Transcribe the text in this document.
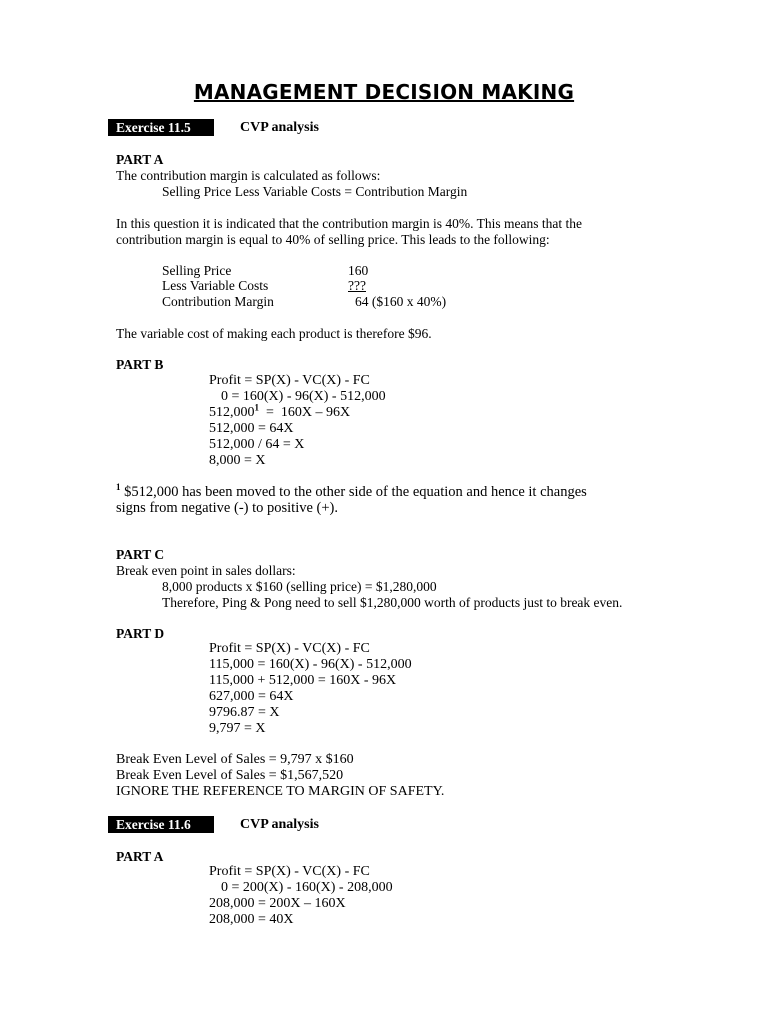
MANAGEMENT DECISION MAKING
Exercise 11.5	CVP analysis
PART A
The contribution margin is calculated as follows:
Selling Price Less Variable Costs = Contribution Margin
In this question it is indicated that the contribution margin is 40%. This means that the
contribution margin is equal to 40% of selling price. This leads to the following:
Selling Price	160
Less Variable Costs	???
Contribution Margin	64 ($160 x 40%)
The variable cost of making each product is therefore $96.
PART B
Profit = SP(X) - VC(X) - FC
0 = 160(X) - 96(X) - 512,000
512,000$^1$  =  160X – 96X
512,000 = 64X
512,000 / 64 = X
8,000 = X
$^1$ $512,000 has been moved to the other side of the equation and hence it changes
signs from negative (-) to positive (+).
PART C
Break even point in sales dollars:
8,000 products x $160 (selling price) = $1,280,000
Therefore, Ping & Pong need to sell $1,280,000 worth of products just to break even.
PART D
Profit = SP(X) - VC(X) - FC
115,000 = 160(X) - 96(X) - 512,000
115,000 + 512,000 = 160X - 96X
627,000 = 64X
9796.87 = X
9,797 = X
Break Even Level of Sales = 9,797 x $160
Break Even Level of Sales = $1,567,520
IGNORE THE REFERENCE TO MARGIN OF SAFETY.
Exercise 11.6	CVP analysis
PART A
Profit = SP(X) - VC(X) - FC
0 = 200(X) - 160(X) - 208,000
208,000 = 200X – 160X
208,000 = 40X
